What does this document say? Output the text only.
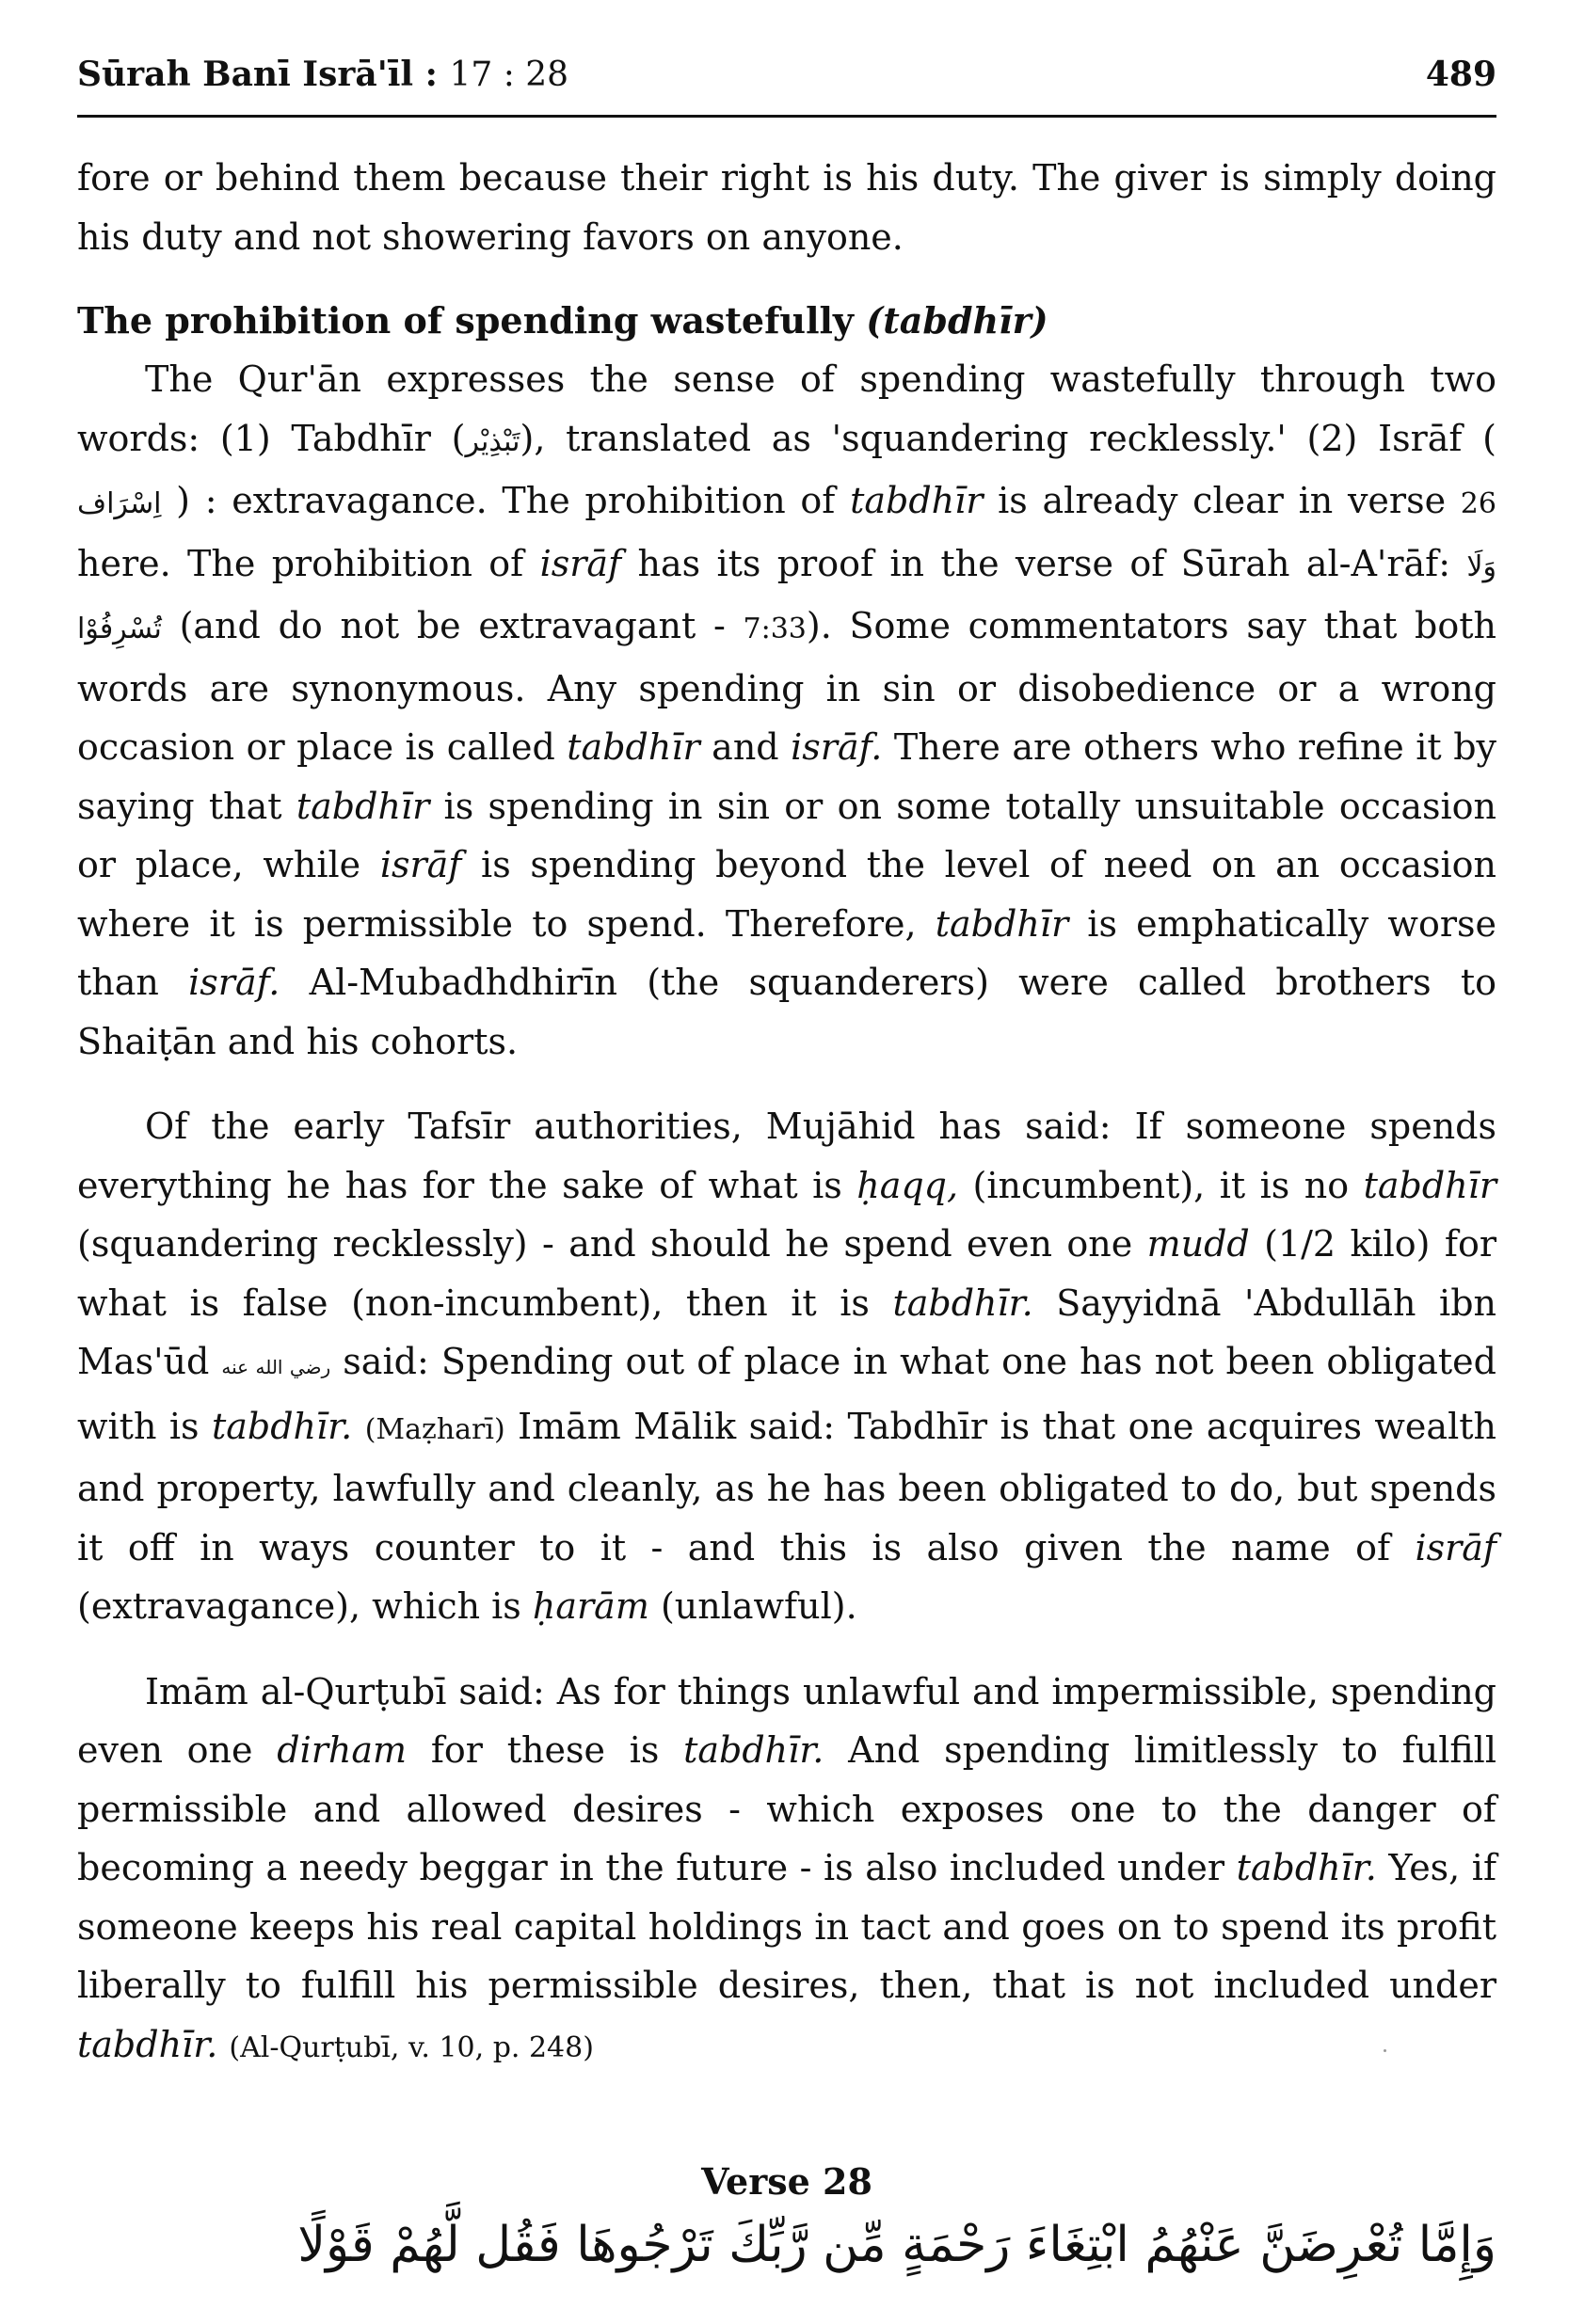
Sūrah Banī Isrā'īl : 17 : 28	489

fore or behind them because their right is his duty. The giver is simply doing his duty and not showering favors on anyone.

The prohibition of spending wastefully (tabdhīr)

The Qur'ān expresses the sense of spending wastefully through two words: (1) Tabdhīr (تَبْذِيْر), translated as 'squandering recklessly.' (2) Isrāf ( اِسْرَاف ) : extravagance. The prohibition of tabdhīr is already clear in verse 26 here. The prohibition of isrāf has its proof in the verse of Sūrah al-A'rāf: وَلَا تُسْرِفُوْا (and do not be extravagant - 7:33). Some commentators say that both words are synonymous. Any spending in sin or disobedience or a wrong occasion or place is called tabdhīr and isrāf. There are others who refine it by saying that tabdhīr is spending in sin or on some totally unsuitable occasion or place, while isrāf is spending beyond the level of need on an occasion where it is permissible to spend. Therefore, tabdhīr is emphatically worse than isrāf. Al-Mubadhdhirīn (the squanderers) were called brothers to Shaiṭān and his cohorts.

Of the early Tafsīr authorities, Mujāhid has said: If someone spends everything he has for the sake of what is ḥaqq, (incumbent), it is no tabdhīr (squandering recklessly) - and should he spend even one mudd (1/2 kilo) for what is false (non-incumbent), then it is tabdhīr. Sayyidnā 'Abdullāh ibn Mas'ūd رضي الله عنه said: Spending out of place in what one has not been obligated with is tabdhīr. (Maẓharī) Imām Mālik said: Tabdhīr is that one acquires wealth and property, lawfully and cleanly, as he has been obligated to do, but spends it off in ways counter to it - and this is also given the name of isrāf (extravagance), which is ḥarām (unlawful).

Imām al-Qurṭubī said: As for things unlawful and impermissible, spending even one dirham for these is tabdhīr. And spending limitlessly to fulfill permissible and allowed desires - which exposes one to the danger of becoming a needy beggar in the future - is also included under tabdhīr. Yes, if someone keeps his real capital holdings in tact and goes on to spend its profit liberally to fulfill his permissible desires, then, that is not included under tabdhīr. (Al-Qurṭubī, v. 10, p. 248)

Verse 28

وَإِمَّا تُعْرِضَنَّ عَنْهُمُ ابْتِغَاءَ رَحْمَةٍ مِّن رَّبِّكَ تَرْجُوهَا فَقُل لَّهُمْ قَوْلًا
